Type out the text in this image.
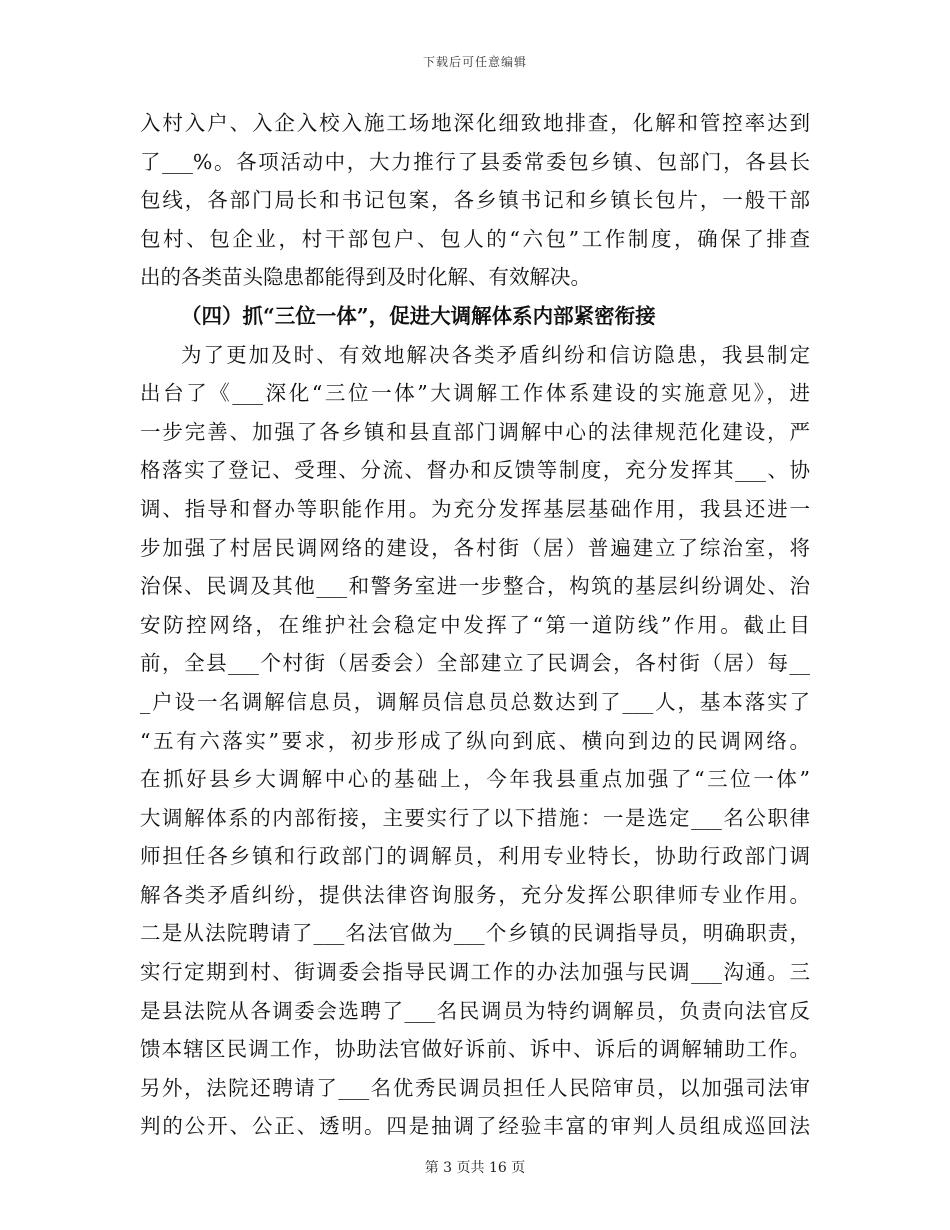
下载后可任意编辑
入村入户、入企入校入施工场地深化细致地排查，化解和管控率达到
了___%。各项活动中，大力推行了县委常委包乡镇、包部门，各县长
包线，各部门局长和书记包案，各乡镇书记和乡镇长包片，一般干部
包村、包企业，村干部包户、包人的“六包”工作制度，确保了排查
出的各类苗头隐患都能得到及时化解、有效解决。
（四）抓“三位一体”，促进大调解体系内部紧密衔接
为了更加及时、有效地解决各类矛盾纠纷和信访隐患，我县制定
出台了《___深化“三位一体”大调解工作体系建设的实施意见》，进
一步完善、加强了各乡镇和县直部门调解中心的法律规范化建设，严
格落实了登记、受理、分流、督办和反馈等制度，充分发挥其___、协
调、指导和督办等职能作用。为充分发挥基层基础作用，我县还进一
步加强了村居民调网络的建设，各村街（居）普遍建立了综治室，将
治保、民调及其他___和警务室进一步整合，构筑的基层纠纷调处、治
安防控网络，在维护社会稳定中发挥了“第一道防线”作用。截止目
前，全县___个村街（居委会）全部建立了民调会，各村街（居）每__
_户设一名调解信息员，调解员信息员总数达到了___人，基本落实了
“五有六落实”要求，初步形成了纵向到底、横向到边的民调网络。
在抓好县乡大调解中心的基础上，今年我县重点加强了“三位一体”
大调解体系的内部衔接，主要实行了以下措施：一是选定___名公职律
师担任各乡镇和行政部门的调解员，利用专业特长，协助行政部门调
解各类矛盾纠纷，提供法律咨询服务，充分发挥公职律师专业作用。
二是从法院聘请了___名法官做为___个乡镇的民调指导员，明确职责，
实行定期到村、街调委会指导民调工作的办法加强与民调___沟通。三
是县法院从各调委会选聘了___名民调员为特约调解员，负责向法官反
馈本辖区民调工作，协助法官做好诉前、诉中、诉后的调解辅助工作。
另外，法院还聘请了___名优秀民调员担任人民陪审员，以加强司法审
判的公开、公正、透明。四是抽调了经验丰富的审判人员组成巡回法
第 3 页共 16 页
